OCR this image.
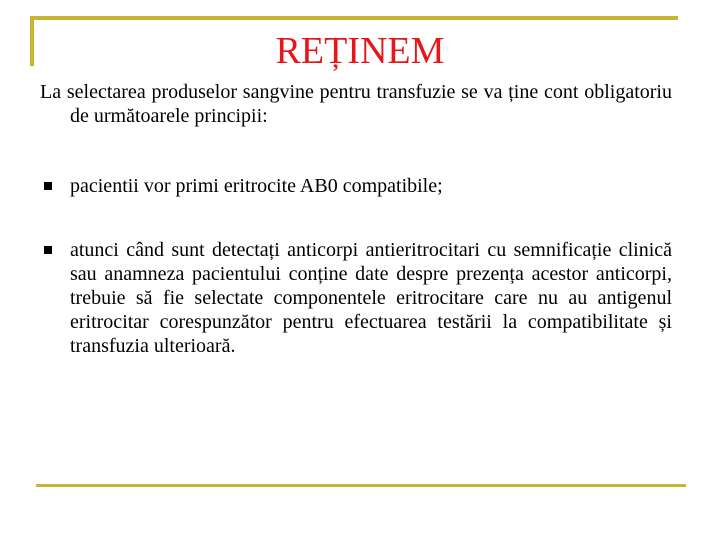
REȚINEM

La selectarea produselor sangvine pentru transfuzie se va ține cont obligatoriu de următoarele principii:

pacientii vor primi eritrocite AB0 compatibile;
atunci când sunt detectați anticorpi antieritrocitari cu semnificație clinică sau anamneza pacientului conține date despre prezența acestor anticorpi, trebuie să fie selectate componentele eritrocitare care nu au antigenul eritrocitar corespunzător pentru efectuarea testării la compatibilitate și transfuzia ulterioară.
